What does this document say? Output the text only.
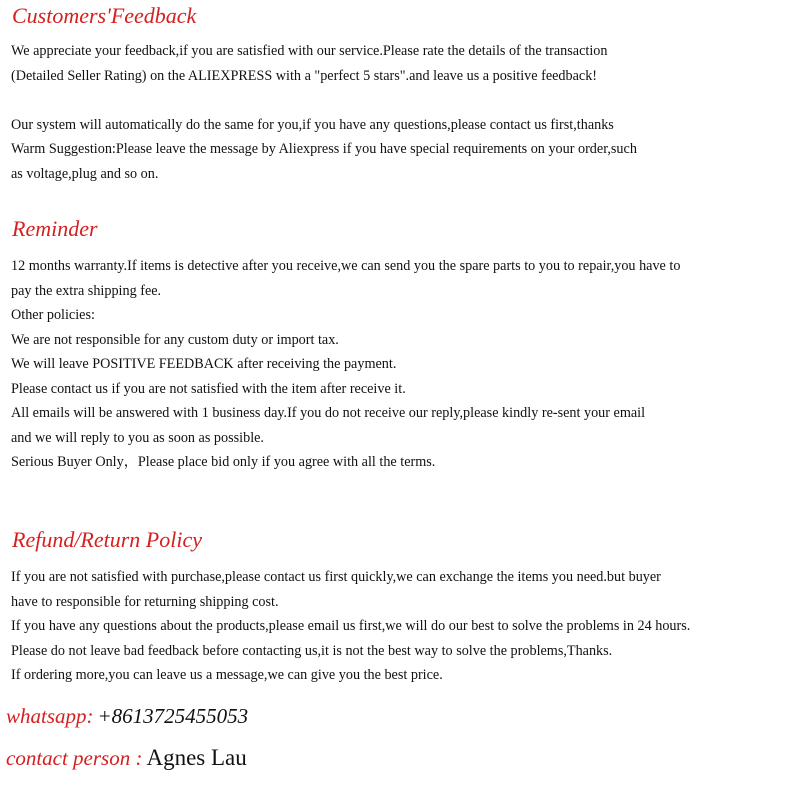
Customers'Feedback
We appreciate your feedback,if you are satisfied with our service.Please rate the details of the transaction
(Detailed Seller Rating) on the ALIEXPRESS with a "perfect 5 stars".and leave us a positive feedback!
Our system will automatically do the same for you,if you have any questions,please contact us first,thanks
Warm Suggestion:Please leave the message by Aliexpress if you have special requirements on your order,such
as voltage,plug and so on.
Reminder
12 months warranty.If items is detective after you receive,we can send you the spare parts to you to repair,you have to
pay the extra shipping fee.
Other policies:
We are not responsible for any custom duty or import tax.
We will leave POSITIVE FEEDBACK after receiving the payment.
Please contact us if you are not satisfied with the item after receive it.
All emails will be answered with 1 business day.If you do not receive our reply,please kindly re-sent your email
and we will reply to you as soon as possible.
Serious Buyer Only，Please place bid only if you agree with all the terms.
Refund/Return Policy
If you are not satisfied with purchase,please contact us first quickly,we can exchange the items you need.but buyer
have to responsible for returning shipping cost.
If you have any questions about the products,please email us first,we will do our best to solve the problems in 24 hours.
Please do not leave bad feedback before contacting us,it is not the best way to solve the problems,Thanks.
If ordering more,you can leave us a message,we can give you the best price.
whatsapp: +8613725455053
contact person : Agnes Lau
